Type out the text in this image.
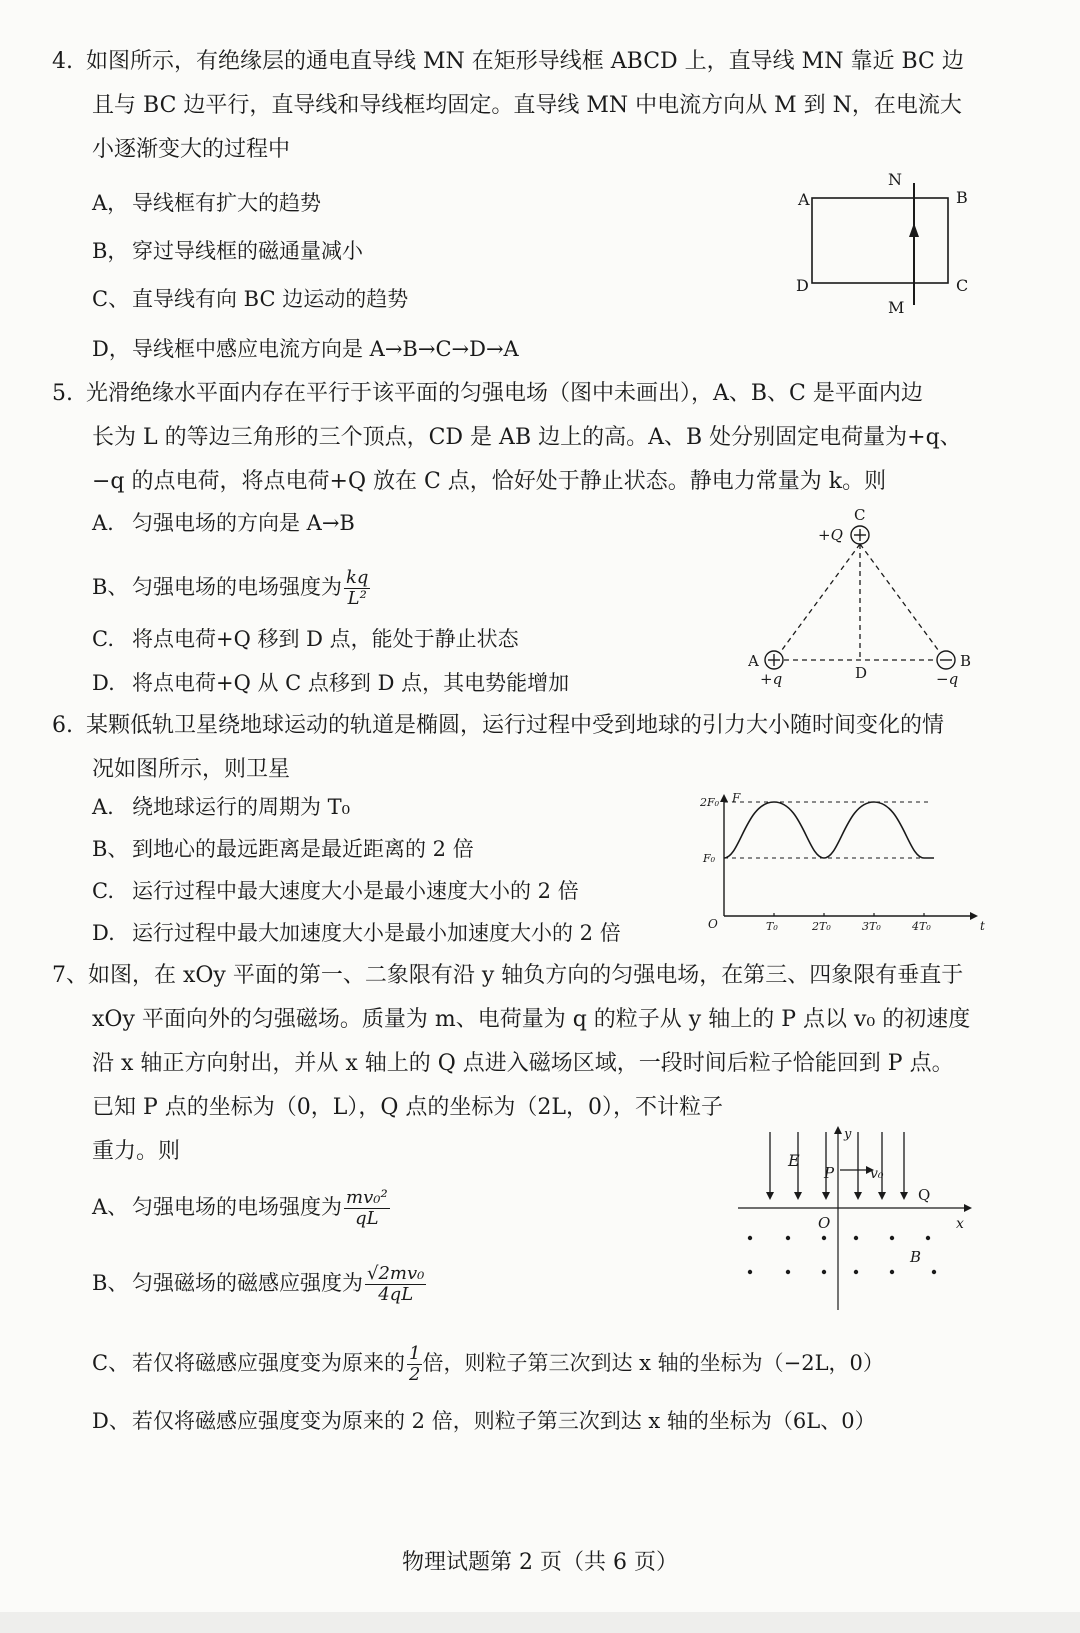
4. 如图所示，有绝缘层的通电直导线 MN 在矩形导线框 ABCD 上，直导线 MN 靠近 BC 边
且与 BC 边平行，直导线和导线框均固定。直导线 MN 中电流方向从 M 到 N，在电流大
小逐渐变大的过程中
A， 导线框有扩大的趋势
B， 穿过导线框的磁通量减小
C、 直导线有向 BC 边运动的趋势
D， 导线框中感应电流方向是 A→B→C→D→A
A	B
C
D
N
M
5. 光滑绝缘水平面内存在平行于该平面的匀强电场（图中未画出），A、B、C 是平面内边
长为 L 的等边三角形的三个顶点，CD 是 AB 边上的高。A、B 处分别固定电荷量为+q、
−q 的点电荷，将点电荷+Q 放在 C 点，恰好处于静止状态。静电力常量为 k。则
A. 匀强电场的方向是 A→B
B、 匀强电场的电场强度为 $\frac{kq}{\text{L²}}$
C. 将点电荷+Q 移到 D 点，能处于静止状态
D. 将点电荷+Q 从 C 点移到 D 点，其电势能增加
C
+Q
A	B
D
+q	−q
6. 某颗低轨卫星绕地球运动的轨道是椭圆，运行过程中受到地球的引力大小随时间变化的情
况如图所示，则卫星
A. 绕地球运行的周期为 T₀
B、 到地心的最远距离是最近距离的 2 倍
C. 运行过程中最大速度大小是最小速度大小的 2 倍
D. 运行过程中最大加速度大小是最小加速度大小的 2 倍
F
t
O
2F₀
F₀
T₀	2T₀	3T₀	4T₀
7、如图，在 xOy 平面的第一、二象限有沿 y 轴负方向的匀强电场，在第三、四象限有垂直于
xOy 平面向外的匀强磁场。质量为 m、电荷量为 q 的粒子从 y 轴上的 P 点以 v₀ 的初速度
沿 x 轴正方向射出，并从 x 轴上的 Q 点进入磁场区域，一段时间后粒子恰能回到 P 点。
已知 P 点的坐标为（0，L），Q 点的坐标为（2L，0），不计粒子
重力。则
A、 匀强电场的电场强度为 $\frac{\text{mv₀²}}{qL}$
B、 匀强磁场的磁感应强度为 $\frac{\text{√2mv₀}}{4qL}$
C、 若仅将磁感应强度变为原来的 $\frac{1}{2}$ 倍，则粒子第三次到达 x 轴的坐标为（−2L，0）
D、 若仅将磁感应强度变为原来的 2 倍，则粒子第三次到达 x 轴的坐标为（6L、0）
E
y
P	v₀
Q
O	x
B
物理试题第 2 页（共 6 页）
